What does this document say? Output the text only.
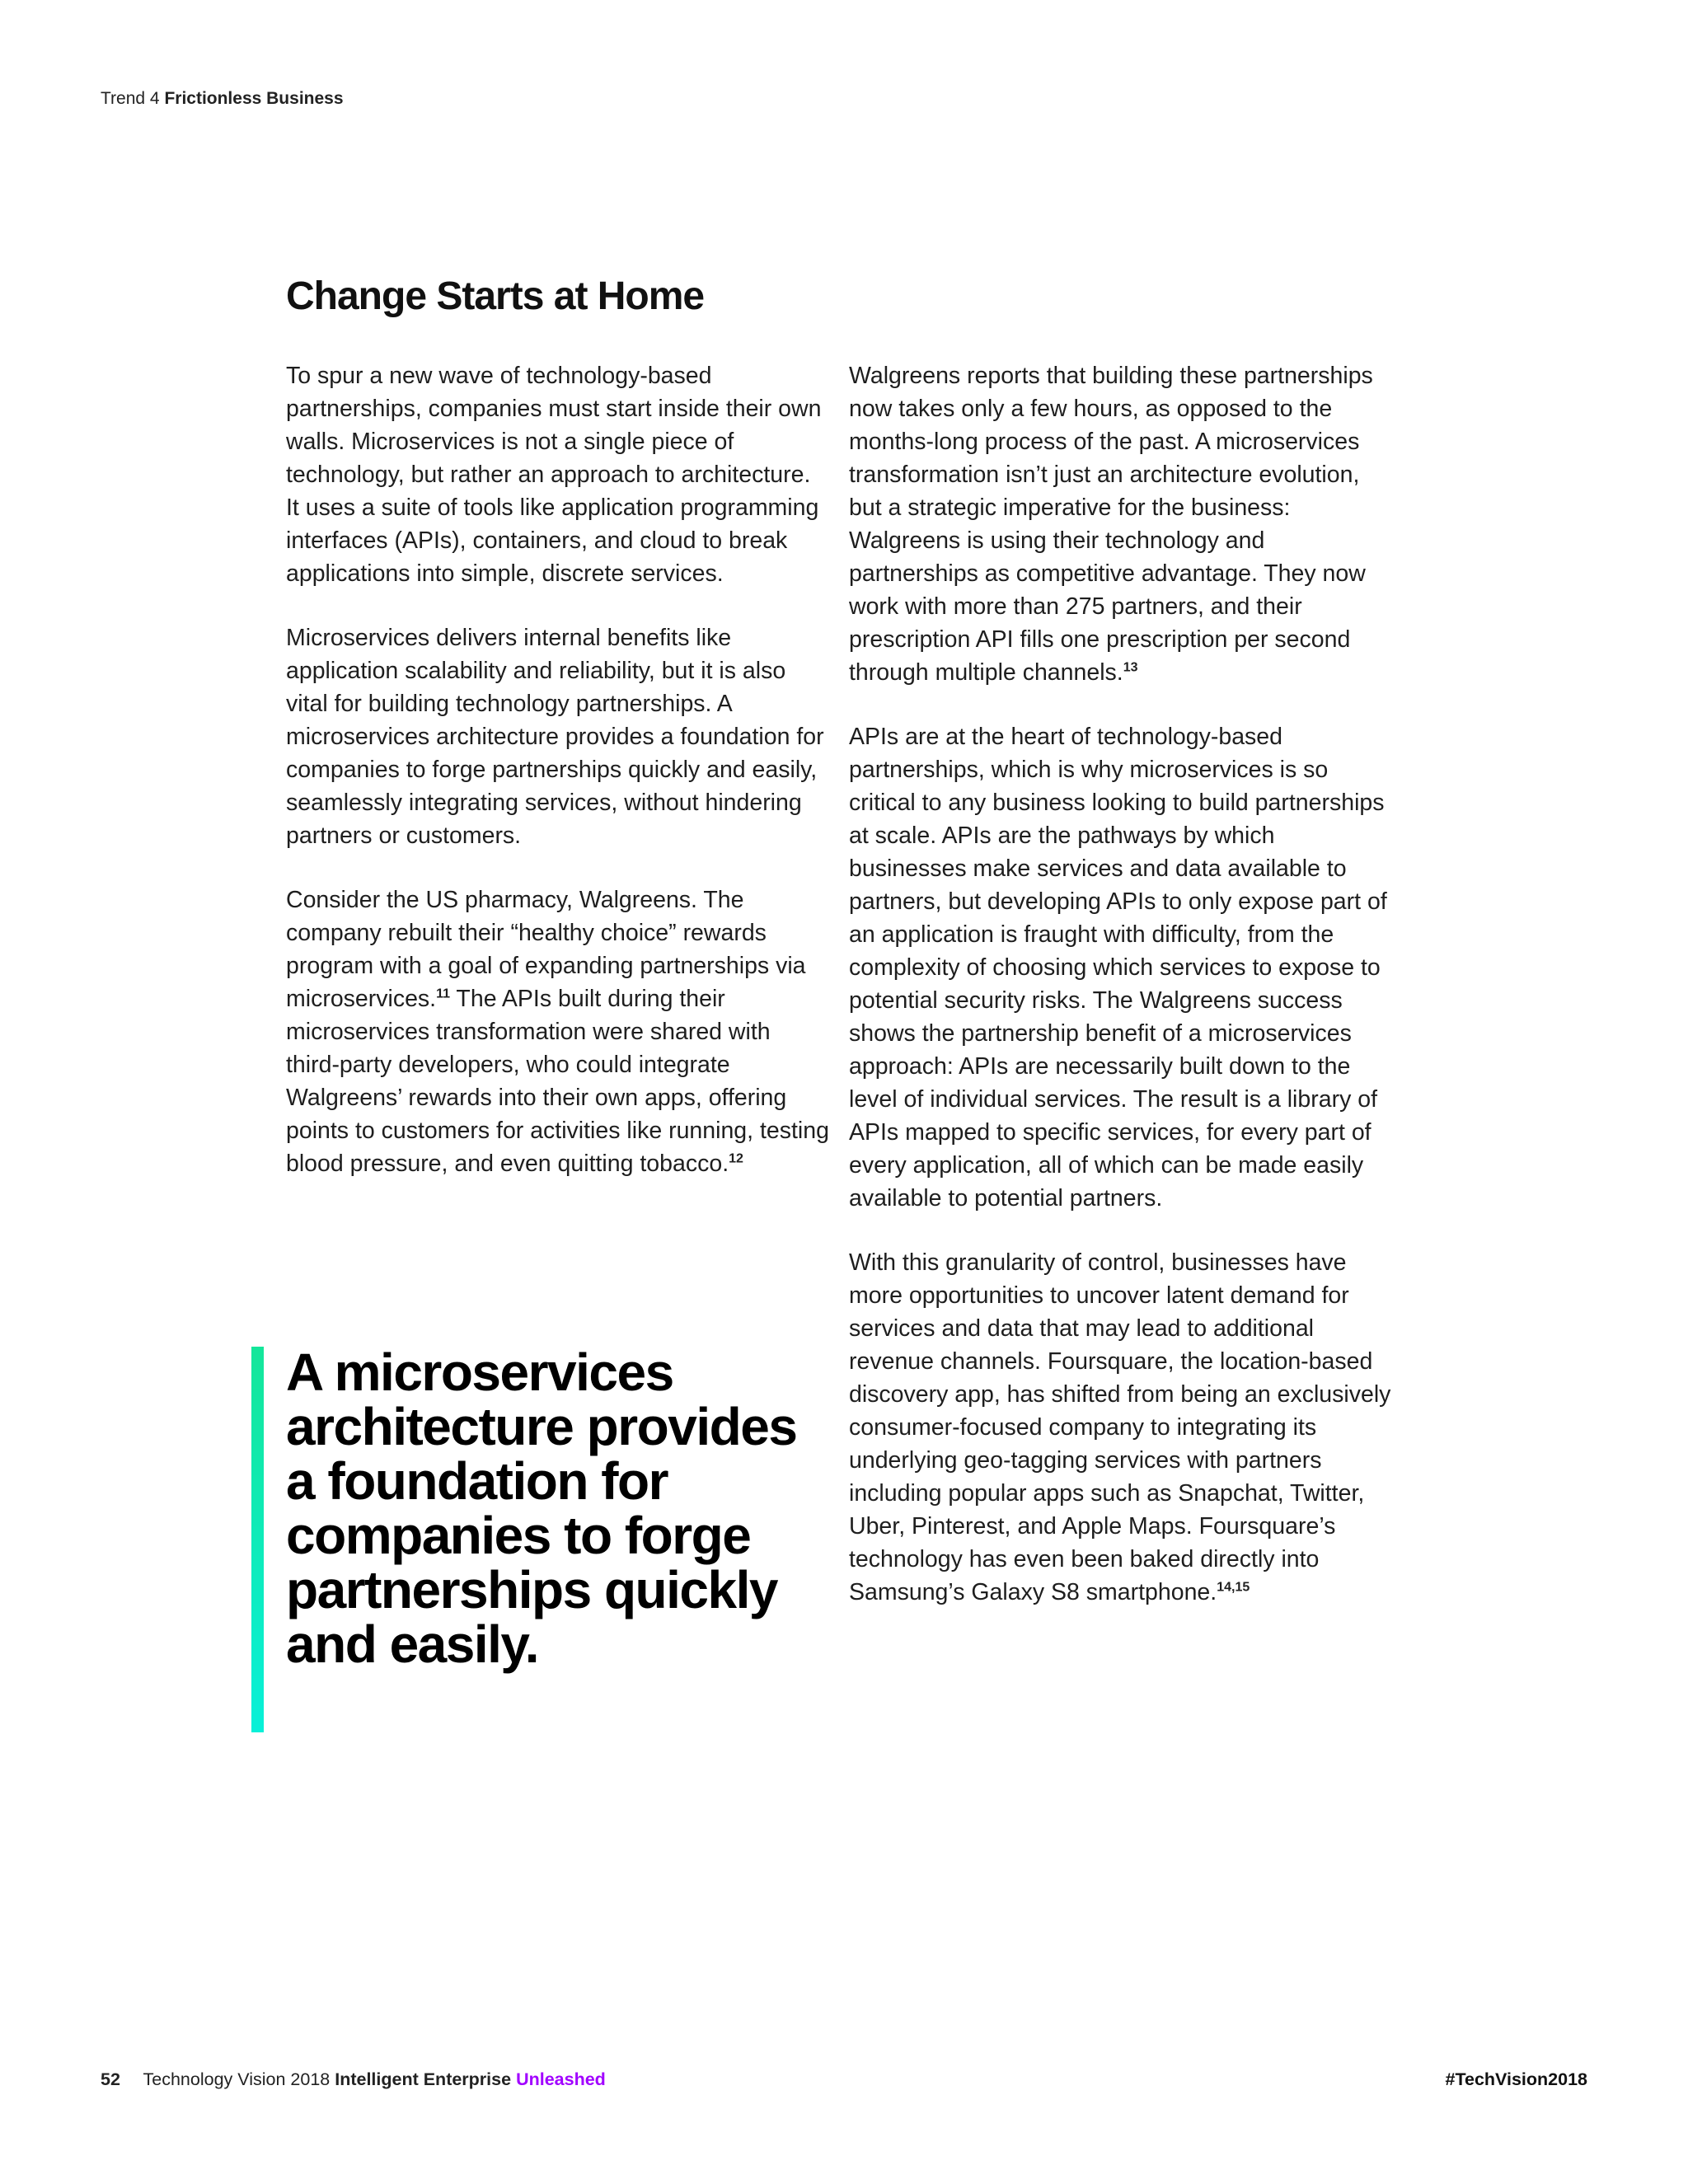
Trend 4 Frictionless Business
Change Starts at Home

To spur a new wave of technology-based partnerships, companies must start inside their own walls. Microservices is not a single piece of technology, but rather an approach to architecture. It uses a suite of tools like application programming interfaces (APIs), containers, and cloud to break applications into simple, discrete services.

Microservices delivers internal benefits like application scalability and reliability, but it is also vital for building technology partnerships. A microservices architecture provides a foundation for companies to forge partnerships quickly and easily, seamlessly integrating services, without hindering partners or customers.

Consider the US pharmacy, Walgreens. The company rebuilt their “healthy choice” rewards program with a goal of expanding partnerships via microservices.$^{11}$ The APIs built during their microservices transformation were shared with third-party developers, who could integrate Walgreens’ rewards into their own apps, offering points to customers for activities like running, testing blood pressure, and even quitting tobacco.$^{12}$

A microservices architecture provides a foundation for companies to forge partnerships quickly and easily.

Walgreens reports that building these partnerships now takes only a few hours, as opposed to the months-long process of the past. A microservices transformation isn’t just an architecture evolution, but a strategic imperative for the business: Walgreens is using their technology and partnerships as competitive advantage. They now work with more than 275 partners, and their prescription API fills one prescription per second through multiple channels.$^{13}$

APIs are at the heart of technology-based partnerships, which is why microservices is so critical to any business looking to build partnerships at scale. APIs are the pathways by which businesses make services and data available to partners, but developing APIs to only expose part of an application is fraught with difficulty, from the complexity of choosing which services to expose to potential security risks. The Walgreens success shows the partnership benefit of a microservices approach: APIs are necessarily built down to the level of individual services. The result is a library of APIs mapped to specific services, for every part of every application, all of which can be made easily available to potential partners.

With this granularity of control, businesses have more opportunities to uncover latent demand for services and data that may lead to additional revenue channels. Foursquare, the location-based discovery app, has shifted from being an exclusively consumer-focused company to integrating its underlying geo-tagging services with partners including popular apps such as Snapchat, Twitter, Uber, Pinterest, and Apple Maps. Foursquare’s technology has even been baked directly into Samsung’s Galaxy S8 smartphone.$^{14,15}$

52 Technology Vision 2018 Intelligent Enterprise Unleashed	#TechVision2018
